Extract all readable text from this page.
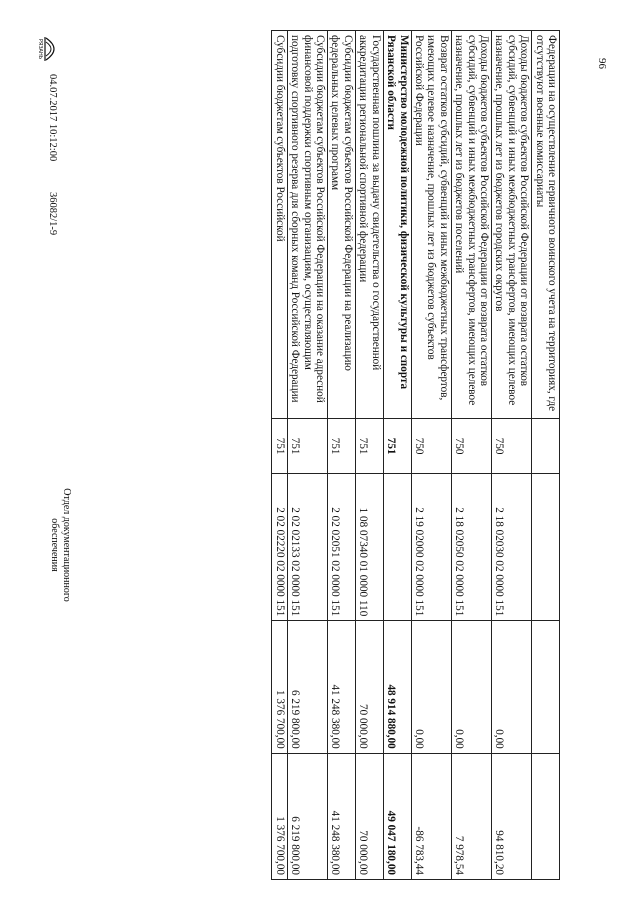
96
Федерации на осуществление первичного воинского учета на территориях, где отсутствуют военные комиссариаты				
Доходы бюджетов субъектов Российской Федерации от возврата остатков субсидий, субвенций и иных межбюджетных трансфертов, имеющих целевое назначение, прошлых лет из бюджетов городских округов	750	2 18 02030 02 0000 151	0,00	94 810,20
Доходы бюджетов субъектов Российской Федерации от возврата остатков субсидий, субвенций и иных межбюджетных трансфертов, имеющих целевое назначение, прошлых лет из бюджетов поселений	750	2 18 02050 02 0000 151	0,00	7 978,54
Возврат остатков субсидий, субвенций и иных межбюджетных трансфертов, имеющих целевое назначение, прошлых лет из бюджетов субъектов Российской Федерации	750	2 19 02000 02 0000 151	0,00	-86 783,44
Министерство молодежной политики, физической культуры и спорта Рязанской области	751		48 914 880,00	49 047 180,00
Государственная пошлина за выдачу свидетельства о государственной аккредитации региональной спортивной федерации	751	1 08 07340 01 0000 110	70 000,00	70 000,00
Субсидии бюджетам субъектов Российской Федерации на реализацию федеральных целевых программ	751	2 02 02051 02 0000 151	41 248 380,00	41 248 380,00
Субсидии бюджетам субъектов Российской Федерации на оказание адресной финансовой поддержки спортивным организациям, осуществляющим подготовку спортивного резерва для сборных команд Российской Федерации	751	2 02 02133 02 0000 151	6 219 800,00	6 219 800,00
Субсидии бюджетам субъектов Российской	751	2 02 02220 02 0000 151	1 376 700,00	1 376 700,00
РЯЗАНЬ
04.07.2017 10:12:00
36082/1-9
Отдел документационного обеспечения
